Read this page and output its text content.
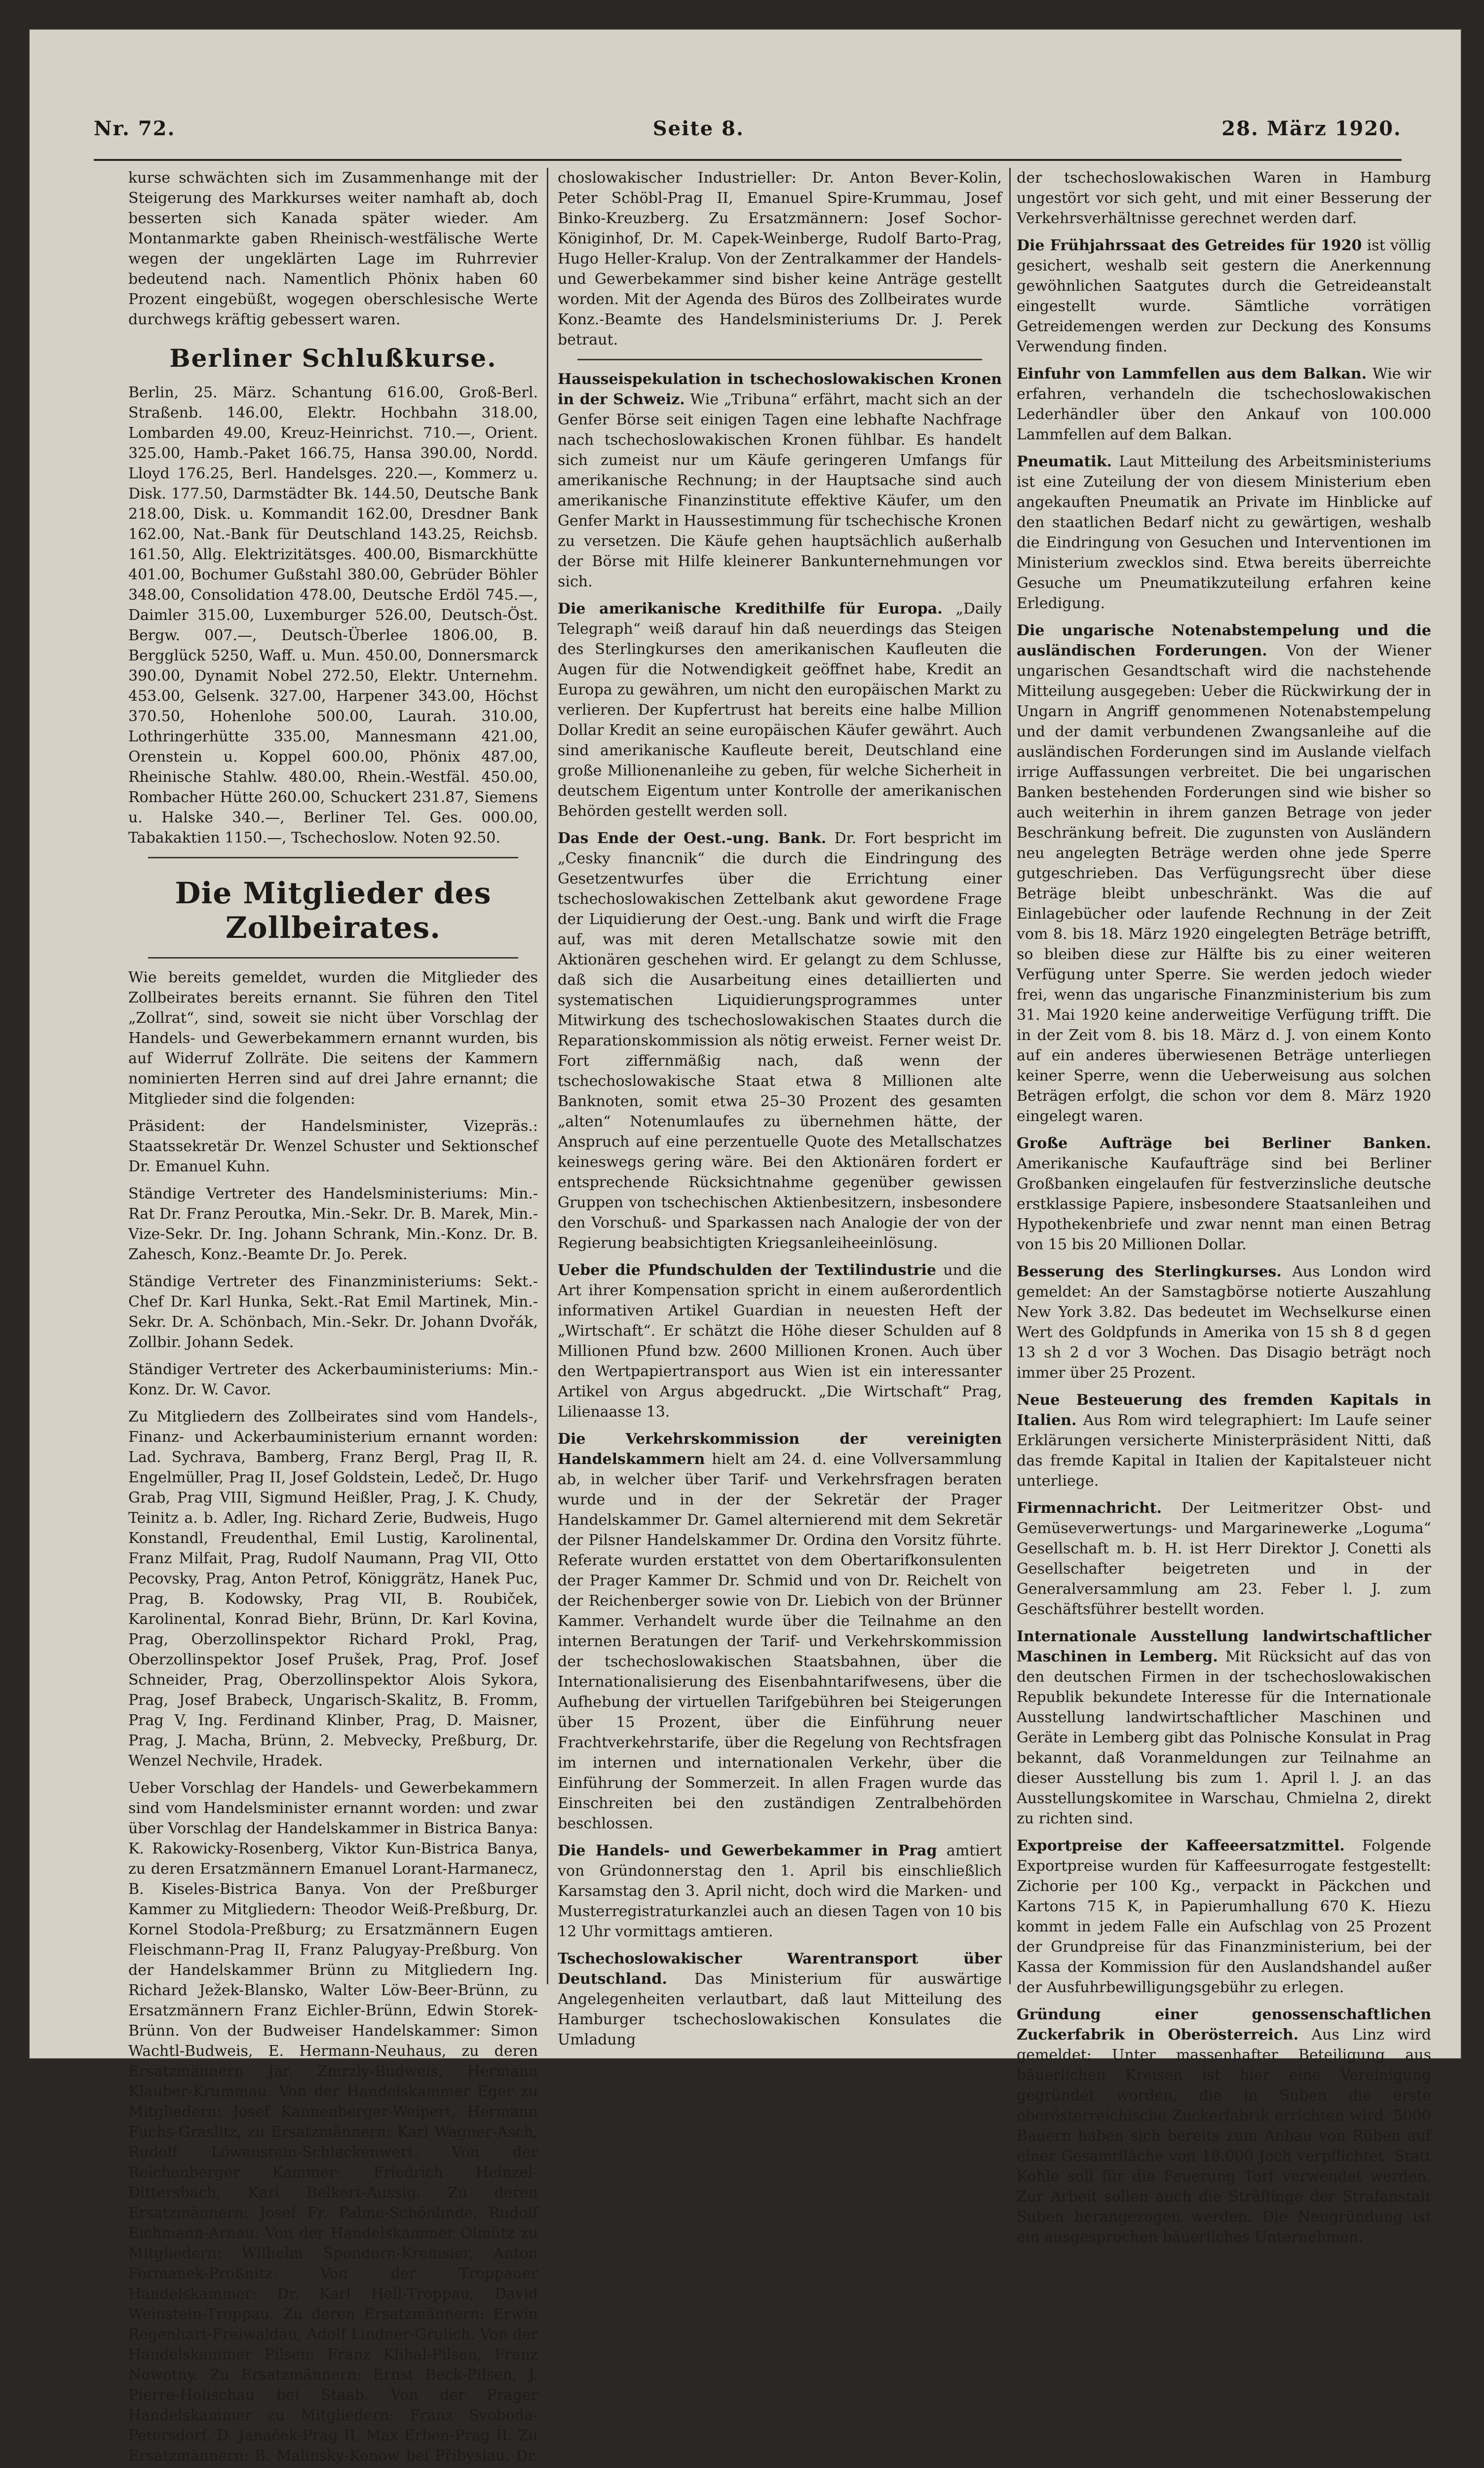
Nr. 72.	Seite 8.	28. März 1920.

kurse schwächten sich im Zusammenhange mit der Steigerung des Markkurses weiter namhaft ab, doch besserten sich Kanada später wieder. Am Montanmarkte gaben Rheinisch-westfälische Werte wegen der ungeklärten Lage im Ruhrrevier bedeutend nach. Namentlich Phönix haben 60 Prozent eingebüßt, wogegen oberschlesische Werte durchwegs kräftig gebessert waren.

Berliner Schlußkurse.

Berlin, 25. März. Schantung 616.00, Groß-Berl. Straßenb. 146.00, Elektr. Hochbahn 318.00, Lombarden 49.00, Kreuz-Heinrichst. 710.—, Orient. 325.00, Hamb.-Paket 166.75, Hansa 390.00, Nordd. Lloyd 176.25, Berl. Handelsges. 220.—, Kommerz u. Disk. 177.50, Darmstädter Bk. 144.50, Deutsche Bank 218.00, Disk. u. Kommandit 162.00, Dresdner Bank 162.00, Nat.-Bank für Deutschland 143.25, Reichsb. 161.50, Allg. Elektrizitätsges. 400.00, Bismarckhütte 401.00, Bochumer Gußstahl 380.00, Gebrüder Böhler 348.00, Consolidation 478.00, Deutsche Erdöl 745.—, Daimler 315.00, Luxemburger 526.00, Deutsch-Öst. Bergw. 007.—, Deutsch-Überlee 1806.00, B. Bergglück 5250, Waff. u. Mun. 450.00, Donnersmarck 390.00, Dynamit Nobel 272.50, Elektr. Unternehm. 453.00, Gelsenk. 327.00, Harpener 343.00, Höchst 370.50, Hohenlohe 500.00, Laurah. 310.00, Lothringerhütte 335.00, Mannesmann 421.00, Orenstein u. Koppel 600.00, Phönix 487.00, Rheinische Stahlw. 480.00, Rhein.-Westfäl. 450.00, Rombacher Hütte 260.00, Schuckert 231.87, Siemens u. Halske 340.—, Berliner Tel. Ges. 000.00, Tabakaktien 1150.—, Tschechoslow. Noten 92.50.

Die Mitglieder des Zollbeirates.

Wie bereits gemeldet, wurden die Mitglieder des Zollbeirates bereits ernannt. Sie führen den Titel „Zollrat“, sind, soweit sie nicht über Vorschlag der Handels- und Gewerbekammern ernannt wurden, bis auf Widerruf Zollräte. Die seitens der Kammern nominierten Herren sind auf drei Jahre ernannt; die Mitglieder sind die folgenden:

Präsident: der Handelsminister, Vizepräs.: Staatssekretär Dr. Wenzel Schuster und Sektionschef Dr. Emanuel Kuhn.

Ständige Vertreter des Handelsministeriums: Min.-Rat Dr. Franz Peroutka, Min.-Sekr. Dr. B. Marek, Min.-Vize-Sekr. Dr. Ing. Johann Schrank, Min.-Konz. Dr. B. Zahesch, Konz.-Beamte Dr. Jo. Perek.

Ständige Vertreter des Finanzministeriums: Sekt.-Chef Dr. Karl Hunka, Sekt.-Rat Emil Martinek, Min.-Sekr. Dr. A. Schönbach, Min.-Sekr. Dr. Johann Dvořák, Zollbir. Johann Sedek.

Ständiger Vertreter des Ackerbauministeriums: Min.-Konz. Dr. W. Cavor.

Zu Mitgliedern des Zollbeirates sind vom Handels-, Finanz- und Ackerbauministerium ernannt worden: Lad. Sychrava, Bamberg, Franz Bergl, Prag II, R. Engelmüller, Prag II, Josef Goldstein, Ledeč, Dr. Hugo Grab, Prag VIII, Sigmund Heißler, Prag, J. K. Chudy, Teinitz a. b. Adler, Ing. Richard Zerie, Budweis, Hugo Konstandl, Freudenthal, Emil Lustig, Karolinental, Franz Milfait, Prag, Rudolf Naumann, Prag VII, Otto Pecovsky, Prag, Anton Petrof, Königgrätz, Hanek Puc, Prag, B. Kodowsky, Prag VII, B. Roubiček, Karolinental, Konrad Biehr, Brünn, Dr. Karl Kovina, Prag, Oberzollinspektor Richard Prokl, Prag, Oberzollinspektor Josef Prušek, Prag, Prof. Josef Schneider, Prag, Oberzollinspektor Alois Sykora, Prag, Josef Brabeck, Ungarisch-Skalitz, B. Fromm, Prag V, Ing. Ferdinand Klinber, Prag, D. Maisner, Prag, J. Macha, Brünn, 2. Mebvecky, Preßburg, Dr. Wenzel Nechvile, Hradek.

Ueber Vorschlag der Handels- und Gewerbekammern sind vom Handelsminister ernannt worden: und zwar über Vorschlag der Handelskammer in Bistrica Banya: K. Rakowicky-Rosenberg, Viktor Kun-Bistrica Banya, zu deren Ersatzmännern Emanuel Lorant-Harmanecz, B. Kiseles-Bistrica Banya. Von der Preßburger Kammer zu Mitgliedern: Theodor Weiß-Preßburg, Dr. Kornel Stodola-Preßburg; zu Ersatzmännern Eugen Fleischmann-Prag II, Franz Palugyay-Preßburg. Von der Handelskammer Brünn zu Mitgliedern Ing. Richard Ježek-Blansko, Walter Löw-Beer-Brünn, zu Ersatzmännern Franz Eichler-Brünn, Edwin Storek-Brünn. Von der Budweiser Handelskammer: Simon Wachtl-Budweis, E. Hermann-Neuhaus, zu deren Ersatzmännern Jar. Zmrzly-Budweis, Hermann Klauber-Krummau. Von der Handelskammer Eger zu Mitgliedern: Josef Kannenberger-Weipert, Hermann Fuchs-Graslitz, zu Ersatzmännern: Karl Wagner-Asch, Rudolf Löwenstein-Schlackenwert. Von der Reichenberger Kammer: Friedrich Heinzel-Dittersbach, Karl Belkert-Aussig. Zu deren Ersatzmännern: Josef Fr. Palme-Schönlinde, Rudolf Eichmann-Arnau. Von der Handelskammer Olmütz zu Mitgliedern: Wilhelm Spondorn-Kremsier, Anton Formanek-Proßnitz. Von der Troppauer Handelskammer: Dr. Karl Hell-Troppau, David Weinstein-Troppau. Zu deren Ersatzmännern: Erwin Regenhart-Freiwaldau, Adolf Lindner-Grulich. Von der Handelskammer Pilsen: Franz Klihal-Pilsen, Franz Nowotny. Zu Ersatzmännern: Ernst Beck-Pilsen, J. Pierre-Holischau bei Staab. Von der Prager Handelskammer zu Mitgliedern: Franz Svoboda-Petersdorf, D. Janaček-Prag II, Max Erben-Prag II. Zu Ersatzmännern: B. Malinsky-Konow bei Přibyslau, Dr.

choslowakischer Industrieller: Dr. Anton Bever-Kolin, Peter Schöbl-Prag II, Emanuel Spire-Krummau, Josef Binko-Kreuzberg. Zu Ersatzmännern: Josef Sochor-Königinhof, Dr. M. Capek-Weinberge, Rudolf Barto-Prag, Hugo Heller-Kralup. Von der Zentralkammer der Handels- und Gewerbekammer sind bisher keine Anträge gestellt worden. Mit der Agenda des Büros des Zollbeirates wurde Konz.-Beamte des Handelsministeriums Dr. J. Perek betraut.

Hausseispekulation in tschechoslowakischen Kronen in der Schweiz. Wie „Tribuna“ erfährt, macht sich an der Genfer Börse seit einigen Tagen eine lebhafte Nachfrage nach tschechoslowakischen Kronen fühlbar. Es handelt sich zumeist nur um Käufe geringeren Umfangs für amerikanische Rechnung; in der Hauptsache sind auch amerikanische Finanzinstitute effektive Käufer, um den Genfer Markt in Haussestimmung für tschechische Kronen zu versetzen. Die Käufe gehen hauptsächlich außerhalb der Börse mit Hilfe kleinerer Bankunternehmungen vor sich.

Die amerikanische Kredithilfe für Europa. „Daily Telegraph“ weiß darauf hin daß neuerdings das Steigen des Sterlingkurses den amerikanischen Kaufleuten die Augen für die Notwendigkeit geöffnet habe, Kredit an Europa zu gewähren, um nicht den europäischen Markt zu verlieren. Der Kupfertrust hat bereits eine halbe Million Dollar Kredit an seine europäischen Käufer gewährt. Auch sind amerikanische Kaufleute bereit, Deutschland eine große Millionenanleihe zu geben, für welche Sicherheit in deutschem Eigentum unter Kontrolle der amerikanischen Behörden gestellt werden soll.

Das Ende der Oest.-ung. Bank. Dr. Fort bespricht im „Cesky financnik“ die durch die Eindringung des Gesetzentwurfes über die Errichtung einer tschechoslowakischen Zettelbank akut gewordene Frage der Liquidierung der Oest.-ung. Bank und wirft die Frage auf, was mit deren Metallschatze sowie mit den Aktionären geschehen wird. Er gelangt zu dem Schlusse, daß sich die Ausarbeitung eines detaillierten und systematischen Liquidierungsprogrammes unter Mitwirkung des tschechoslowakischen Staates durch die Reparationskommission als nötig erweist. Ferner weist Dr. Fort ziffernmäßig nach, daß wenn der tschechoslowakische Staat etwa 8 Millionen alte Banknoten, somit etwa 25–30 Prozent des gesamten „alten“ Notenumlaufes zu übernehmen hätte, der Anspruch auf eine perzentuelle Quote des Metallschatzes keineswegs gering wäre. Bei den Aktionären fordert er entsprechende Rücksichtnahme gegenüber gewissen Gruppen von tschechischen Aktienbesitzern, insbesondere den Vorschuß- und Sparkassen nach Analogie der von der Regierung beabsichtigten Kriegsanleiheeinlösung.

Ueber die Pfundschulden der Textilindustrie und die Art ihrer Kompensation spricht in einem außerordentlich informativen Artikel Guardian in neuesten Heft der „Wirtschaft“. Er schätzt die Höhe dieser Schulden auf 8 Millionen Pfund bzw. 2600 Millionen Kronen. Auch über den Wertpapiertransport aus Wien ist ein interessanter Artikel von Argus abgedruckt. „Die Wirtschaft“ Prag, Lilienaasse 13.

Die Verkehrskommission der vereinigten Handelskammern hielt am 24. d. eine Vollversammlung ab, in welcher über Tarif- und Verkehrsfragen beraten wurde und in der der Sekretär der Prager Handelskammer Dr. Gamel alternierend mit dem Sekretär der Pilsner Handelskammer Dr. Ordina den Vorsitz führte. Referate wurden erstattet von dem Obertarifkonsulenten der Prager Kammer Dr. Schmid und von Dr. Reichelt von der Reichenberger sowie von Dr. Liebich von der Brünner Kammer. Verhandelt wurde über die Teilnahme an den internen Beratungen der Tarif- und Verkehrskommission der tschechoslowakischen Staatsbahnen, über die Internationalisierung des Eisenbahntarifwesens, über die Aufhebung der virtuellen Tarifgebühren bei Steigerungen über 15 Prozent, über die Einführung neuer Frachtverkehrstarife, über die Regelung von Rechtsfragen im internen und internationalen Verkehr, über die Einführung der Sommerzeit. In allen Fragen wurde das Einschreiten bei den zuständigen Zentralbehörden beschlossen.

Die Handels- und Gewerbekammer in Prag amtiert von Gründonnerstag den 1. April bis einschließlich Karsamstag den 3. April nicht, doch wird die Marken- und Musterregistraturkanzlei auch an diesen Tagen von 10 bis 12 Uhr vormittags amtieren.

Tschechoslowakischer Warentransport über Deutschland. Das Ministerium für auswärtige Angelegenheiten verlautbart, daß laut Mitteilung des Hamburger tschechoslowakischen Konsulates die Umladung

der tschechoslowakischen Waren in Hamburg ungestört vor sich geht, und mit einer Besserung der Verkehrsverhältnisse gerechnet werden darf.

Die Frühjahrssaat des Getreides für 1920 ist völlig gesichert, weshalb seit gestern die Anerkennung gewöhnlichen Saatgutes durch die Getreideanstalt eingestellt wurde. Sämtliche vorrätigen Getreidemengen werden zur Deckung des Konsums Verwendung finden.

Einfuhr von Lammfellen aus dem Balkan. Wie wir erfahren, verhandeln die tschechoslowakischen Lederhändler über den Ankauf von 100.000 Lammfellen auf dem Balkan.

Pneumatik. Laut Mitteilung des Arbeitsministeriums ist eine Zuteilung der von diesem Ministerium eben angekauften Pneumatik an Private im Hinblicke auf den staatlichen Bedarf nicht zu gewärtigen, weshalb die Eindringung von Gesuchen und Interventionen im Ministerium zwecklos sind. Etwa bereits überreichte Gesuche um Pneumatikzuteilung erfahren keine Erledigung.

Die ungarische Notenabstempelung und die ausländischen Forderungen. Von der Wiener ungarischen Gesandtschaft wird die nachstehende Mitteilung ausgegeben: Ueber die Rückwirkung der in Ungarn in Angriff genommenen Notenabstempelung und der damit verbundenen Zwangsanleihe auf die ausländischen Forderungen sind im Auslande vielfach irrige Auffassungen verbreitet. Die bei ungarischen Banken bestehenden Forderungen sind wie bisher so auch weiterhin in ihrem ganzen Betrage von jeder Beschränkung befreit. Die zugunsten von Ausländern neu angelegten Beträge werden ohne jede Sperre gutgeschrieben. Das Verfügungsrecht über diese Beträge bleibt unbeschränkt. Was die auf Einlagebücher oder laufende Rechnung in der Zeit vom 8. bis 18. März 1920 eingelegten Beträge betrifft, so bleiben diese zur Hälfte bis zu einer weiteren Verfügung unter Sperre. Sie werden jedoch wieder frei, wenn das ungarische Finanzministerium bis zum 31. Mai 1920 keine anderweitige Verfügung trifft. Die in der Zeit vom 8. bis 18. März d. J. von einem Konto auf ein anderes überwiesenen Beträge unterliegen keiner Sperre, wenn die Ueberweisung aus solchen Beträgen erfolgt, die schon vor dem 8. März 1920 eingelegt waren.

Große Aufträge bei Berliner Banken. Amerikanische Kaufaufträge sind bei Berliner Großbanken eingelaufen für festverzinsliche deutsche erstklassige Papiere, insbesondere Staatsanleihen und Hypothekenbriefe und zwar nennt man einen Betrag von 15 bis 20 Millionen Dollar.

Besserung des Sterlingkurses. Aus London wird gemeldet: An der Samstagbörse notierte Auszahlung New York 3.82. Das bedeutet im Wechselkurse einen Wert des Goldpfunds in Amerika von 15 sh 8 d gegen 13 sh 2 d vor 3 Wochen. Das Disagio beträgt noch immer über 25 Prozent.

Neue Besteuerung des fremden Kapitals in Italien. Aus Rom wird telegraphiert: Im Laufe seiner Erklärungen versicherte Ministerpräsident Nitti, daß das fremde Kapital in Italien der Kapitalsteuer nicht unterliege.

Firmennachricht. Der Leitmeritzer Obst- und Gemüseverwertungs- und Margarinewerke „Loguma“ Gesellschaft m. b. H. ist Herr Direktor J. Conetti als Gesellschafter beigetreten und in der Generalversammlung am 23. Feber l. J. zum Geschäftsführer bestellt worden.

Internationale Ausstellung landwirtschaftlicher Maschinen in Lemberg. Mit Rücksicht auf das von den deutschen Firmen in der tschechoslowakischen Republik bekundete Interesse für die Internationale Ausstellung landwirtschaftlicher Maschinen und Geräte in Lemberg gibt das Polnische Konsulat in Prag bekannt, daß Voranmeldungen zur Teilnahme an dieser Ausstellung bis zum 1. April l. J. an das Ausstellungskomitee in Warschau, Chmielna 2, direkt zu richten sind.

Exportpreise der Kaffeeersatzmittel. Folgende Exportpreise wurden für Kaffeesurrogate festgestellt: Zichorie per 100 Kg., verpackt in Päckchen und Kartons 715 K, in Papierumhallung 670 K. Hiezu kommt in jedem Falle ein Aufschlag von 25 Prozent der Grundpreise für das Finanzministerium, bei der Kassa der Kommission für den Auslandshandel außer der Ausfuhrbewilligungsgebühr zu erlegen.

Gründung einer genossenschaftlichen Zuckerfabrik in Oberösterreich. Aus Linz wird gemeldet: Unter massenhafter Beteiligung aus bäuerlichen Kreisen ist hier eine Vereinigung gegründet worden, die in Suben die erste oberösterreichische Zuckerfabrik errichten wird. 5000 Bauern haben sich bereits zum Anbau von Rüben auf einer Gesamtfläche von 18.000 Joch verpflichtet. Statt Kohle soll für die Feuerung Torf verwendet werden. Zur Arbeit sollen auch die Sträflinge der Strafanstalt Suben herangezogen werden. Die Neugründung ist ein ausgesprochen bäuerliches Unternehmen.
